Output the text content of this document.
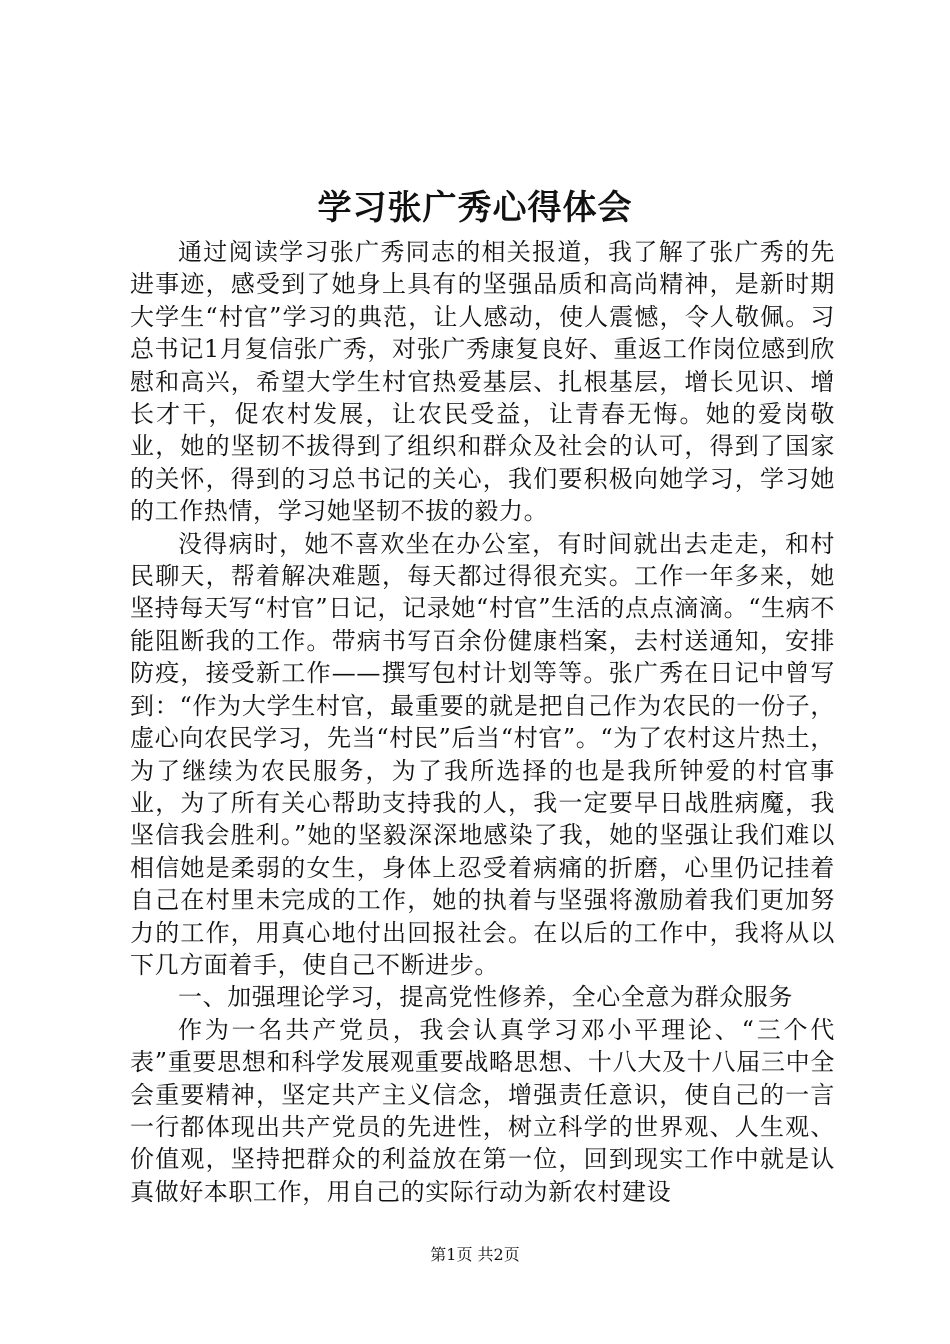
学习张广秀心得体会

通过阅读学习张广秀同志的相关报道，我了解了张广秀的先进事迹，感受到了她身上具有的坚强品质和高尚精神，是新时期大学生“村官”学习的典范，让人感动，使人震憾，令人敬佩。习总书记1月复信张广秀，对张广秀康复良好、重返工作岗位感到欣慰和高兴，希望大学生村官热爱基层、扎根基层，增长见识、增长才干，促农村发展，让农民受益，让青春无悔。她的爱岗敬业，她的坚韧不拔得到了组织和群众及社会的认可，得到了国家的关怀，得到的习总书记的关心，我们要积极向她学习，学习她的工作热情，学习她坚韧不拔的毅力。

没得病时，她不喜欢坐在办公室，有时间就出去走走，和村民聊天，帮着解决难题，每天都过得很充实。工作一年多来，她坚持每天写“村官”日记，记录她“村官”生活的点点滴滴。“生病不能阻断我的工作。带病书写百余份健康档案，去村送通知，安排防疫，接受新工作——撰写包村计划等等。张广秀在日记中曾写到：“作为大学生村官，最重要的就是把自己作为农民的一份子，虚心向农民学习，先当“村民”后当“村官”。“为了农村这片热土，为了继续为农民服务，为了我所选择的也是我所钟爱的村官事业，为了所有关心帮助支持我的人，我一定要早日战胜病魔，我坚信我会胜利。”她的坚毅深深地感染了我，她的坚强让我们难以相信她是柔弱的女生，身体上忍受着病痛的折磨，心里仍记挂着自己在村里未完成的工作，她的执着与坚强将激励着我们更加努力的工作，用真心地付出回报社会。在以后的工作中，我将从以下几方面着手，使自己不断进步。

一、加强理论学习，提高党性修养，全心全意为群众服务

作为一名共产党员，我会认真学习邓小平理论、“三个代表”重要思想和科学发展观重要战略思想、十八大及十八届三中全会重要精神，坚定共产主义信念，增强责任意识，使自己的一言一行都体现出共产党员的先进性，树立科学的世界观、人生观、价值观，坚持把群众的利益放在第一位，回到现实工作中就是认真做好本职工作，用自己的实际行动为新农村建设

第1页 共2页
